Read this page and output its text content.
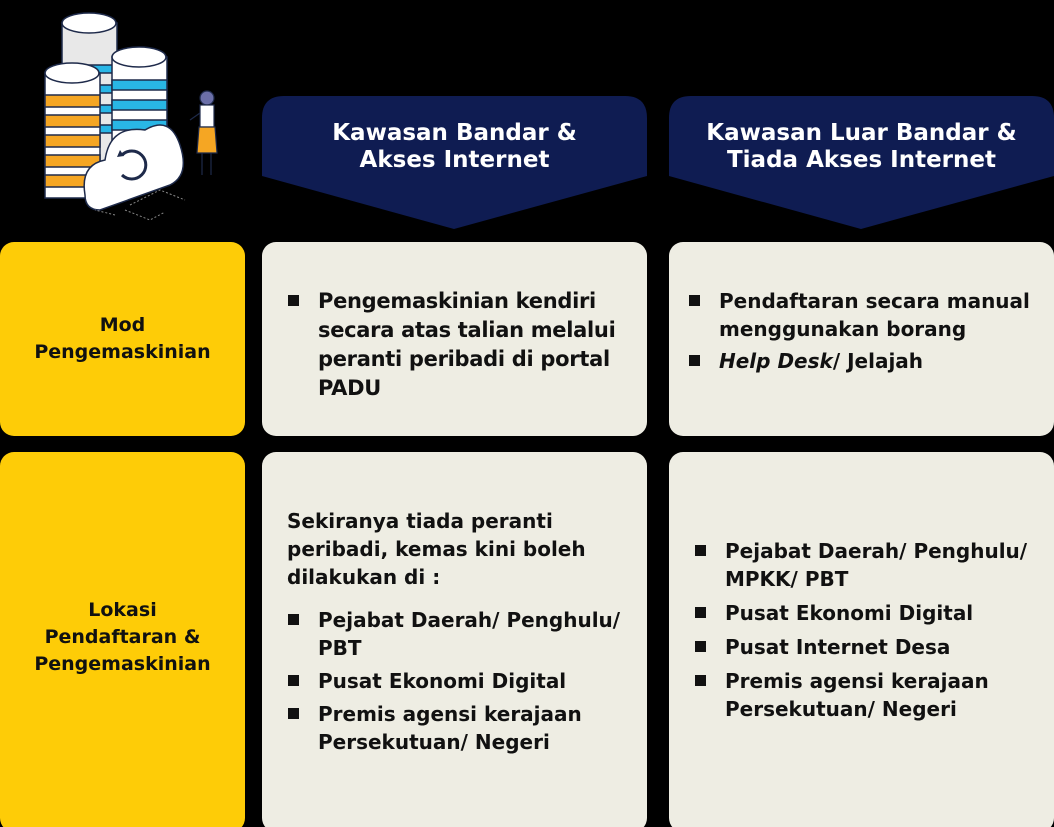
Kawasan Bandar &
Akses Internet
Kawasan Luar Bandar &
Tiada Akses Internet
Mod
Pengemaskinian
Pengemaskinian kendiri secara atas talian melalui peranti peribadi di portal PADU
Pendaftaran secara manual menggunakan borang
Help Desk/ Jelajah
Lokasi
Pendaftaran &
Pengemaskinian
Sekiranya tiada peranti peribadi, kemas kini boleh dilakukan di :
Pejabat Daerah/ Penghulu/ PBT
Pusat Ekonomi Digital
Premis agensi kerajaan Persekutuan/ Negeri
Pejabat Daerah/ Penghulu/ MPKK/ PBT
Pusat Ekonomi Digital
Pusat Internet Desa
Premis agensi kerajaan Persekutuan/ Negeri
